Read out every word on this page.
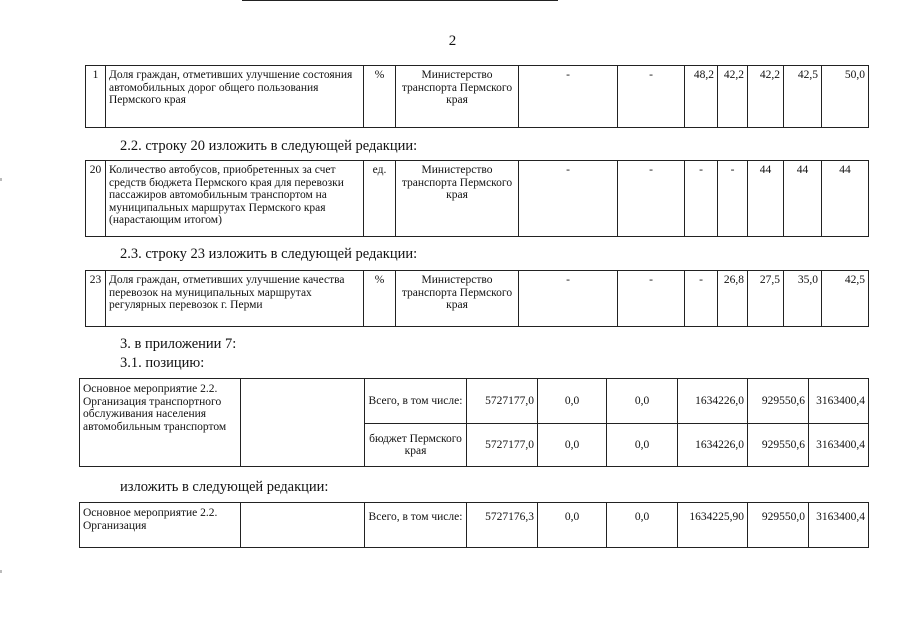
2
1	Доля граждан, отметивших улучшение состояния автомобильных дорог общего пользования Пермского края	%	Министерство транспорта Пермского края	-	-	48,2	42,2	42,2	42,5	50,0
2.2. строку 20 изложить в следующей редакции:
20	Количество автобусов, приобретенных за счет средств бюджета Пермского края для перевозки пассажиров автомобильным транспортом на муниципальных маршрутах Пермского края (нарастающим итогом)	ед.	Министерство транспорта Пермского края	-	-	-	-	44	44	44
2.3. строку 23 изложить в следующей редакции:
23	Доля граждан, отметивших улучшение качества перевозок на муниципальных маршрутах регулярных перевозок г. Перми	%	Министерство транспорта Пермского края	-	-	-	26,8	27,5	35,0	42,5
3. в приложении 7:
3.1. позицию:
Основное мероприятие 2.2. Организация транспортного обслуживания населения автомобильным транспортом		Всего, в том числе:	5727177,0	0,0	0,0	1634226,0	929550,6	3163400,4
		бюджет Пермского края	5727177,0	0,0	0,0	1634226,0	929550,6	3163400,4
изложить в следующей редакции:
Основное мероприятие 2.2. Организация		Всего, в том числе:	5727176,3	0,0	0,0	1634225,90	929550,0	3163400,4
